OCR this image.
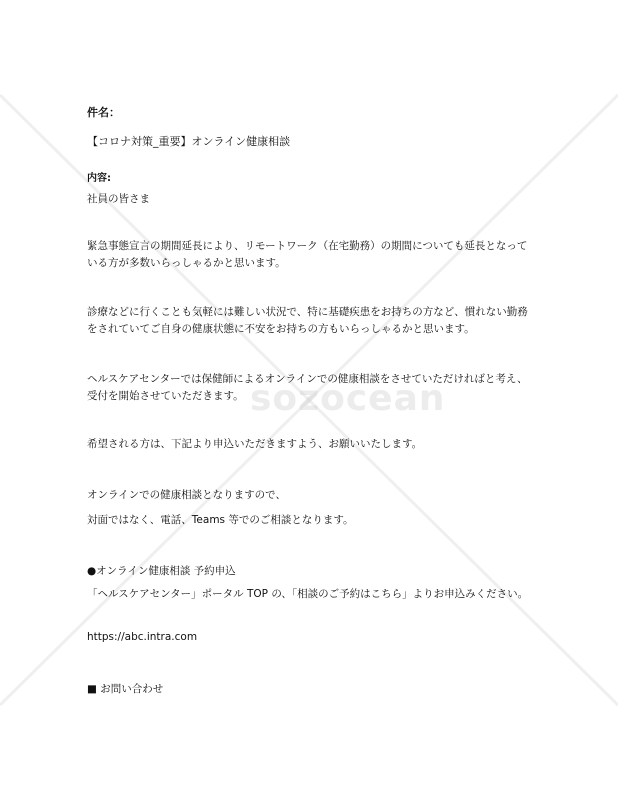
sozocean
件名：
【コロナ対策_重要】オンライン健康相談
内容:
社員の皆さま
緊急事態宣言の期間延長により、リモートワーク（在宅勤務）の期間についても延長となっている方が多数いらっしゃるかと思います。
診療などに行くことも気軽には難しい状況で、特に基礎疾患をお持ちの方など、慣れない勤務をされていてご自身の健康状態に不安をお持ちの方もいらっしゃるかと思います。
ヘルスケアセンターでは保健師によるオンラインでの健康相談をさせていただければと考え、受付を開始させていただきます。
希望される方は、下記より申込いただきますよう、お願いいたします。
オンラインでの健康相談となりますので、
対面ではなく、電話、Teams 等でのご相談となります。
●オンライン健康相談 予約申込
「ヘルスケアセンター」ポータル TOP の、「相談のご予約はこちら」よりお申込みください。
https://abc.intra.com
■ お問い合わせ
